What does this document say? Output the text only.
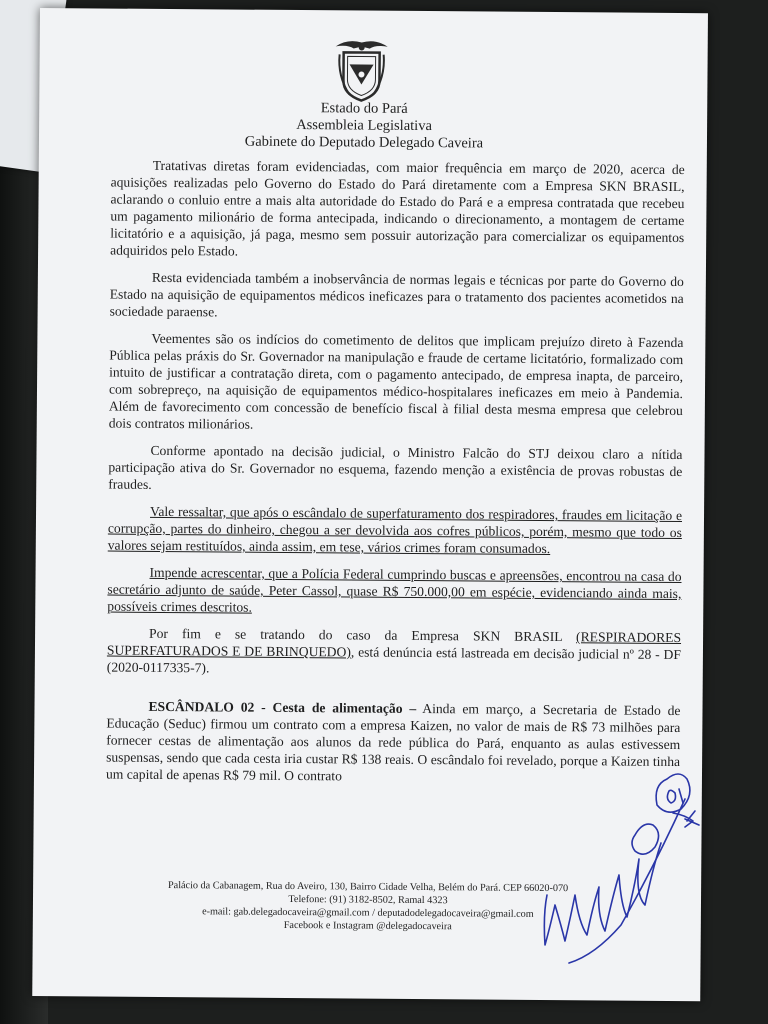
Estado do Pará
Assembleia Legislativa
Gabinete do Deputado Delegado Caveira

Tratativas diretas foram evidenciadas, com maior frequência em março de 2020, acerca de aquisições realizadas pelo Governo do Estado do Pará diretamente com a Empresa SKN BRASIL, aclarando o conluio entre a mais alta autoridade do Estado do Pará e a empresa contratada que recebeu um pagamento milionário de forma antecipada, indicando o direcionamento, a montagem de certame licitatório e a aquisição, já paga, mesmo sem possuir autorização para comercializar os equipamentos adquiridos pelo Estado.

Resta evidenciada também a inobservância de normas legais e técnicas por parte do Governo do Estado na aquisição de equipamentos médicos ineficazes para o tratamento dos pacientes acometidos na sociedade paraense.

Veementes são os indícios do cometimento de delitos que implicam prejuízo direto à Fazenda Pública pelas práxis do Sr. Governador na manipulação e fraude de certame licitatório, formalizado com intuito de justificar a contratação direta, com o pagamento antecipado, de empresa inapta, de parceiro, com sobrepreço, na aquisição de equipamentos médico-hospitalares ineficazes em meio à Pandemia. Além de favorecimento com concessão de benefício fiscal à filial desta mesma empresa que celebrou dois contratos milionários.

Conforme apontado na decisão judicial, o Ministro Falcão do STJ deixou claro a nítida participação ativa do Sr. Governador no esquema, fazendo menção a existência de provas robustas de fraudes.

Vale ressaltar, que após o escândalo de superfaturamento dos respiradores, fraudes em licitação e corrupção, partes do dinheiro, chegou a ser devolvida aos cofres públicos, porém, mesmo que todo os valores sejam restituídos, ainda assim, em tese, vários crimes foram consumados.

Impende acrescentar, que a Polícia Federal cumprindo buscas e apreensões, encontrou na casa do secretário adjunto de saúde, Peter Cassol, quase R$ 750.000,00 em espécie, evidenciando ainda mais, possíveis crimes descritos.

Por fim e se tratando do caso da Empresa SKN BRASIL (RESPIRADORES SUPERFATURADOS E DE BRINQUEDO), está denúncia está lastreada em decisão judicial nº 28 - DF (2020-0117335-7).

ESCÂNDALO 02 - Cesta de alimentação – Ainda em março, a Secretaria de Estado de Educação (Seduc) firmou um contrato com a empresa Kaizen, no valor de mais de R$ 73 milhões para fornecer cestas de alimentação aos alunos da rede pública do Pará, enquanto as aulas estivessem suspensas, sendo que cada cesta iria custar R$ 138 reais. O escândalo foi revelado, porque a Kaizen tinha um capital de apenas R$ 79 mil. O contrato

Palácio da Cabanagem, Rua do Aveiro, 130, Bairro Cidade Velha, Belém do Pará. CEP 66020-070
Telefone: (91) 3182-8502, Ramal 4323
e-mail: gab.delegadocaveira@gmail.com / deputadodelegadocaveira@gmail.com
Facebook e Instagram @delegadocaveira
